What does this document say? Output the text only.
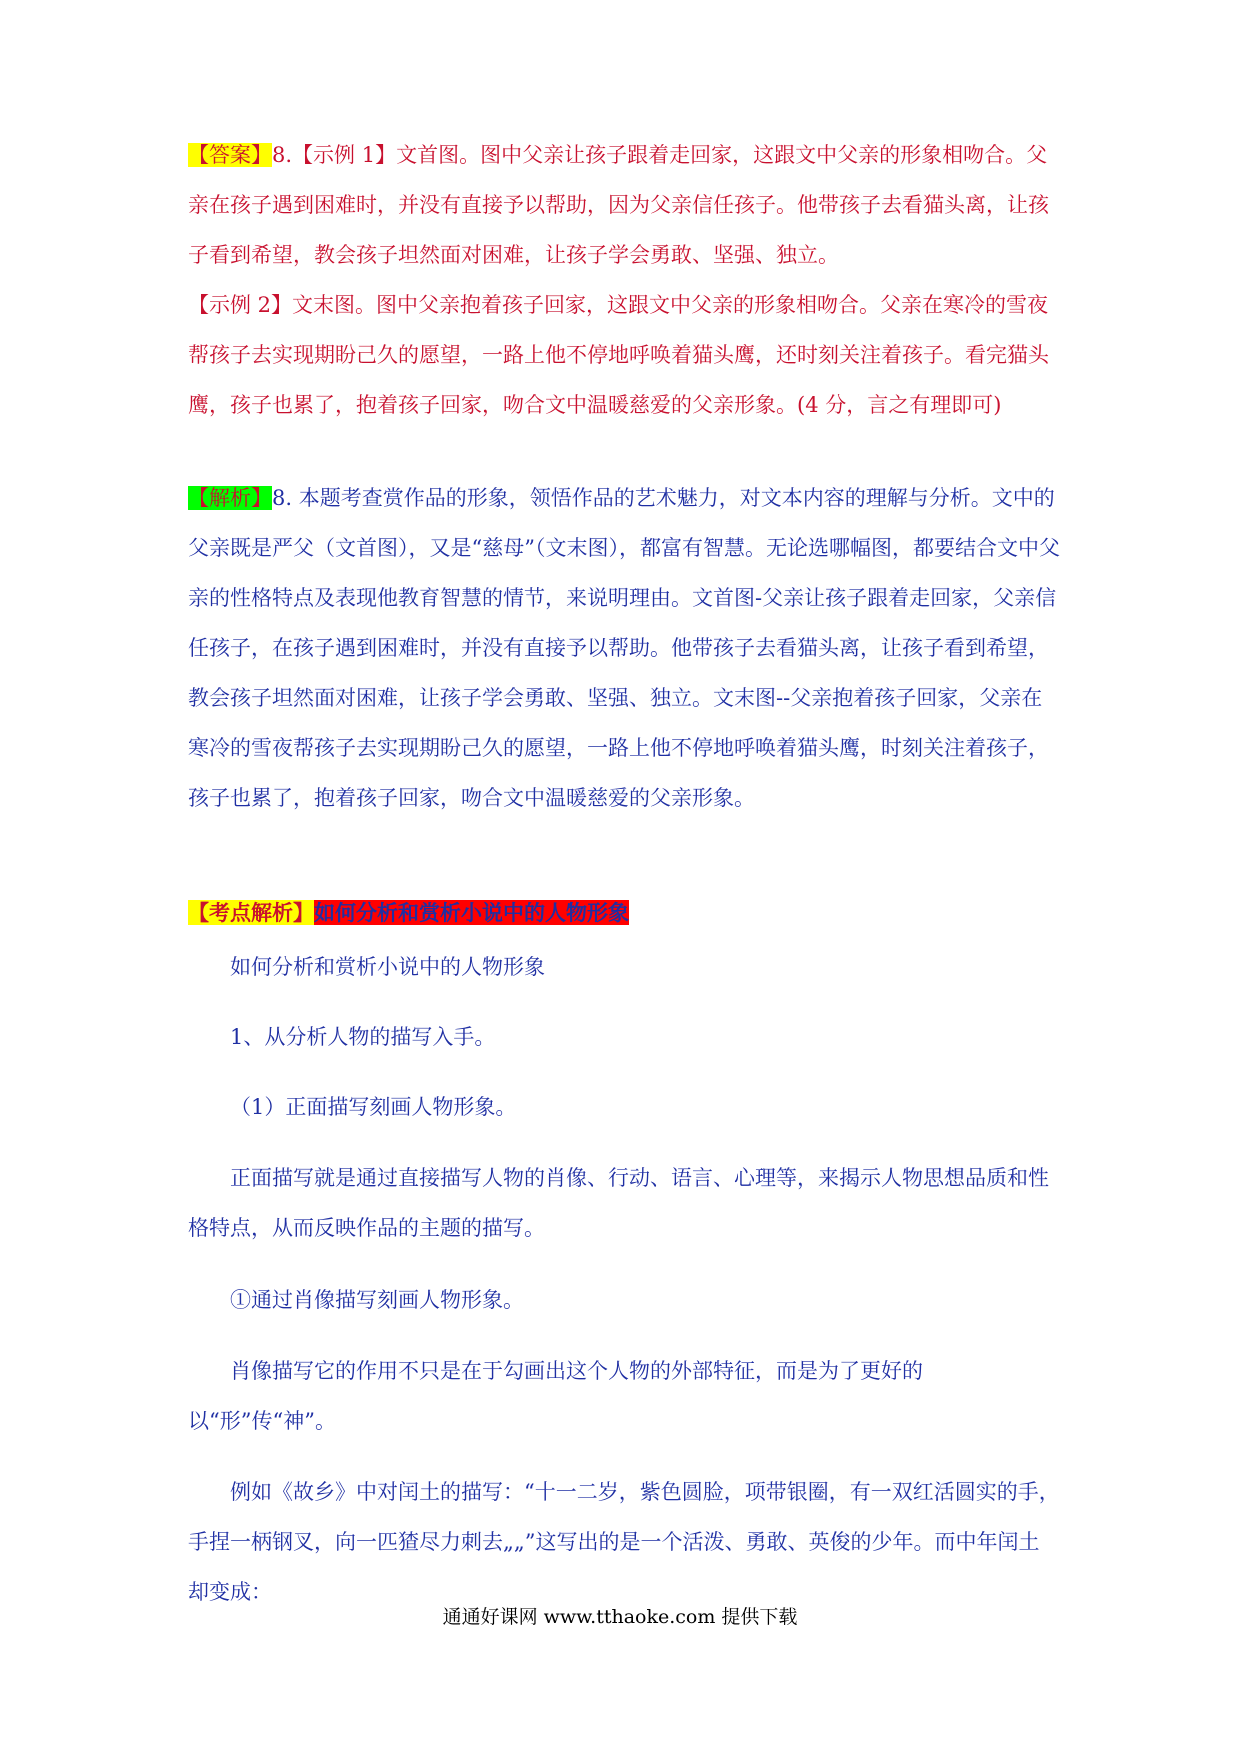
【答案】8.【示例 1】文首图。图中父亲让孩子跟着走回家，这跟文中父亲的形象相吻合。父亲在孩子遇到困难时，并没有直接予以帮助，因为父亲信任孩子。他带孩子去看猫头离，让孩子看到希望，教会孩子坦然面对困难，让孩子学会勇敢、坚强、独立。
【示例 2】文末图。图中父亲抱着孩子回家，这跟文中父亲的形象相吻合。父亲在寒冷的雪夜帮孩子去实现期盼己久的愿望，一路上他不停地呼唤着猫头鹰，还时刻关注着孩子。看完猫头鹰，孩子也累了，抱着孩子回家，吻合文中温暖慈爱的父亲形象。(4 分，言之有理即可)
【解析】8. 本题考查赏作品的形象，领悟作品的艺术魅力，对文本内容的理解与分析。文中的父亲既是严父（文首图），又是“慈母”（文末图），都富有智慧。无论选哪幅图，都要结合文中父亲的性格特点及表现他教育智慧的情节，来说明理由。文首图-父亲让孩子跟着走回家，父亲信任孩子，在孩子遇到困难时，并没有直接予以帮助。他带孩子去看猫头离，让孩子看到希望，教会孩子坦然面对困难，让孩子学会勇敢、坚强、独立。文末图--父亲抱着孩子回家，父亲在寒冷的雪夜帮孩子去实现期盼己久的愿望，一路上他不停地呼唤着猫头鹰，时刻关注着孩子，孩子也累了，抱着孩子回家，吻合文中温暖慈爱的父亲形象。
【考点解析】如何分析和赏析小说中的人物形象
如何分析和赏析小说中的人物形象
1、从分析人物的描写入手。
（1）正面描写刻画人物形象。
正面描写就是通过直接描写人物的肖像、行动、语言、心理等，来揭示人物思想品质和性格特点，从而反映作品的主题的描写。
①通过肖像描写刻画人物形象。
肖像描写它的作用不只是在于勾画出这个人物的外部特征，而是为了更好的以“形”传“神”。
例如《故乡》中对闰土的描写：“十一二岁，紫色圆脸，项带银圈，有一双红活圆实的手，手捏一柄钢叉，向一匹猹尽力刺去„„”这写出的是一个活泼、勇敢、英俊的少年。而中年闰土却变成：
通通好课网 www.tthaoke.com 提供下载
